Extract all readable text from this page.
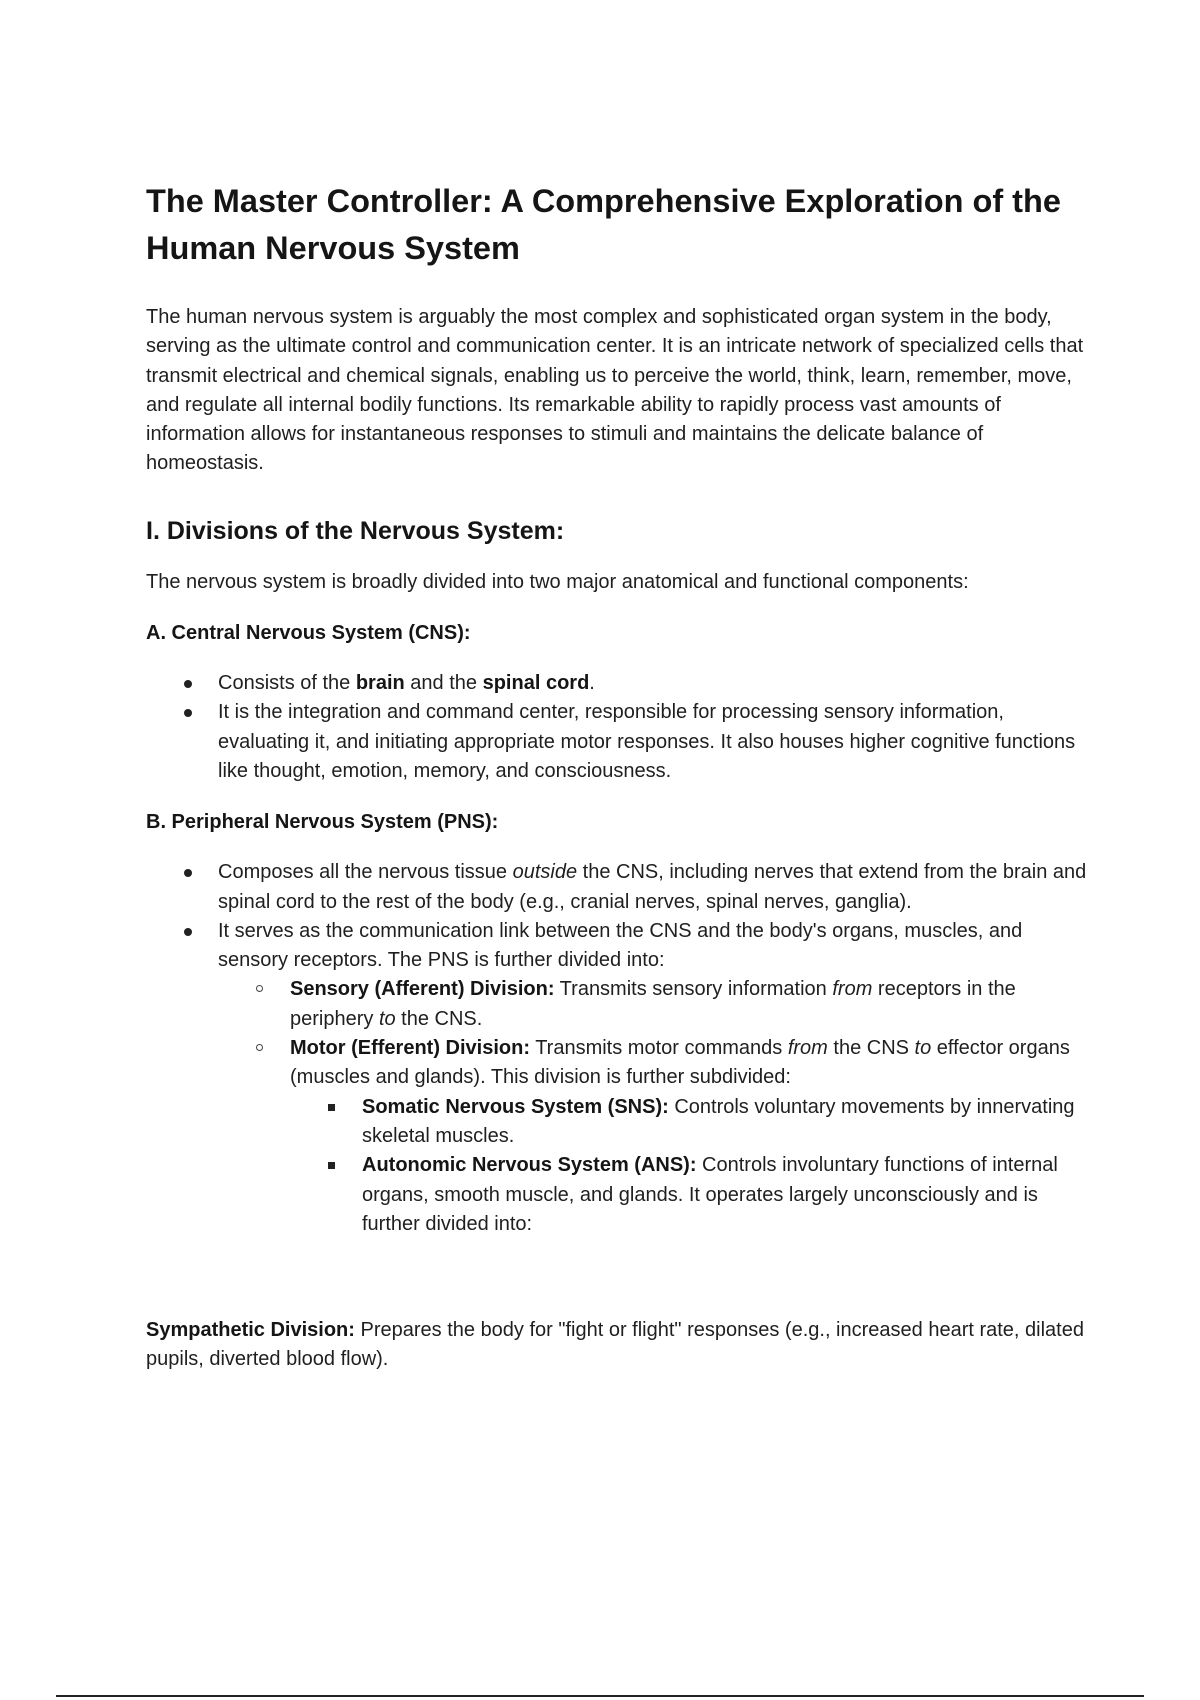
The Master Controller: A Comprehensive Exploration of the Human Nervous System

The human nervous system is arguably the most complex and sophisticated organ system in the body, serving as the ultimate control and communication center. It is an intricate network of specialized cells that transmit electrical and chemical signals, enabling us to perceive the world, think, learn, remember, move, and regulate all internal bodily functions. Its remarkable ability to rapidly process vast amounts of information allows for instantaneous responses to stimuli and maintains the delicate balance of homeostasis.

I. Divisions of the Nervous System:

The nervous system is broadly divided into two major anatomical and functional components:

A. Central Nervous System (CNS):
Consists of the brain and the spinal cord.
It is the integration and command center, responsible for processing sensory information, evaluating it, and initiating appropriate motor responses. It also houses higher cognitive functions like thought, emotion, memory, and consciousness.
B. Peripheral Nervous System (PNS):
Composes all the nervous tissue outside the CNS, including nerves that extend from the brain and spinal cord to the rest of the body (e.g., cranial nerves, spinal nerves, ganglia).
It serves as the communication link between the CNS and the body's organs, muscles, and sensory receptors. The PNS is further divided into:
Sensory (Afferent) Division: Transmits sensory information from receptors in the periphery to the CNS.
Motor (Efferent) Division: Transmits motor commands from the CNS to effector organs (muscles and glands). This division is further subdivided:
Somatic Nervous System (SNS): Controls voluntary movements by innervating skeletal muscles.
Autonomic Nervous System (ANS): Controls involuntary functions of internal organs, smooth muscle, and glands. It operates largely unconsciously and is further divided into:

Sympathetic Division: Prepares the body for "fight or flight" responses (e.g., increased heart rate, dilated pupils, diverted blood flow).
